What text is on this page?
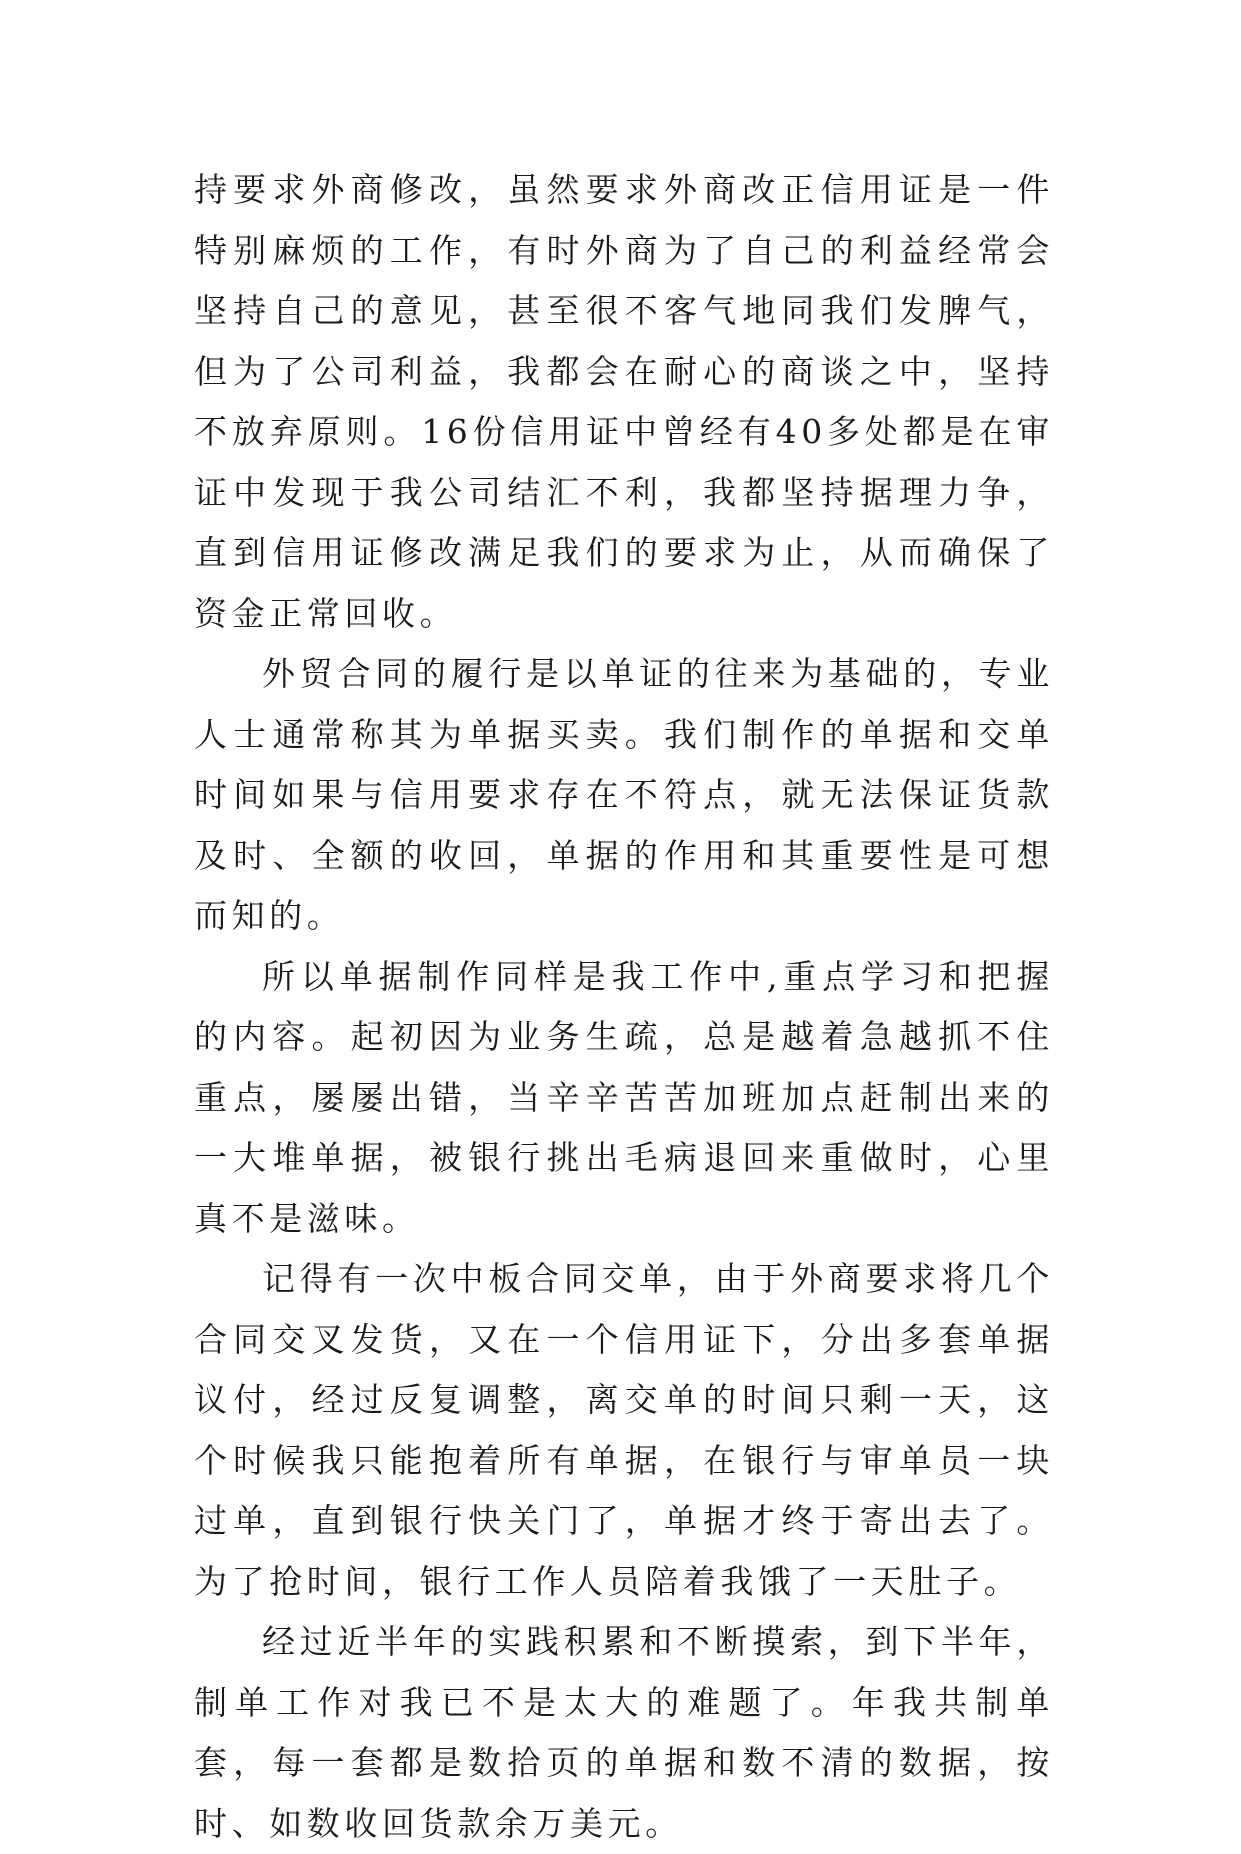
持要求外商修改，虽然要求外商改正信用证是一件特别麻烦的工作，有时外商为了自己的利益经常会坚持自己的意见，甚至很不客气地同我们发脾气，但为了公司利益，我都会在耐心的商谈之中，坚持不放弃原则。16份信用证中曾经有40多处都是在审证中发现于我公司结汇不利，我都坚持据理力争，直到信用证修改满足我们的要求为止，从而确保了资金正常回收。

外贸合同的履行是以单证的往来为基础的，专业人士通常称其为单据买卖。我们制作的单据和交单时间如果与信用要求存在不符点，就无法保证货款及时、全额的收回，单据的作用和其重要性是可想而知的。

所以单据制作同样是我工作中,重点学习和把握的内容。起初因为业务生疏，总是越着急越抓不住重点，屡屡出错，当辛辛苦苦加班加点赶制出来的一大堆单据，被银行挑出毛病退回来重做时，心里真不是滋味。

记得有一次中板合同交单，由于外商要求将几个合同交叉发货，又在一个信用证下，分出多套单据议付，经过反复调整，离交单的时间只剩一天，这个时候我只能抱着所有单据，在银行与审单员一块过单，直到银行快关门了，单据才终于寄出去了。为了抢时间，银行工作人员陪着我饿了一天肚子。

经过近半年的实践积累和不断摸索，到下半年，制单工作对我已不是太大的难题了。年我共制单套，每一套都是数拾页的单据和数不清的数据，按时、如数收回货款余万美元。
